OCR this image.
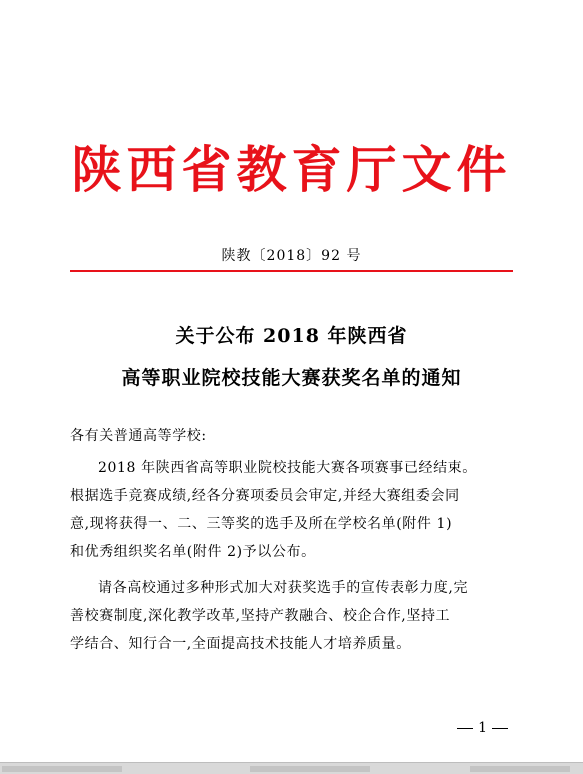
陕西省教育厅文件
陕教〔2018〕92 号
关于公布 2018 年陕西省
高等职业院校技能大赛获奖名单的通知
各有关普通高等学校:
2018 年陕西省高等职业院校技能大赛各项赛事已经结束。
根据选手竞赛成绩,经各分赛项委员会审定,并经大赛组委会同
意,现将获得一、二、三等奖的选手及所在学校名单(附件 1)
和优秀组织奖名单(附件 2)予以公布。
请各高校通过多种形式加大对获奖选手的宣传表彰力度,完
善校赛制度,深化教学改革,坚持产教融合、校企合作,坚持工
学结合、知行合一,全面提高技术技能人才培养质量。
1
